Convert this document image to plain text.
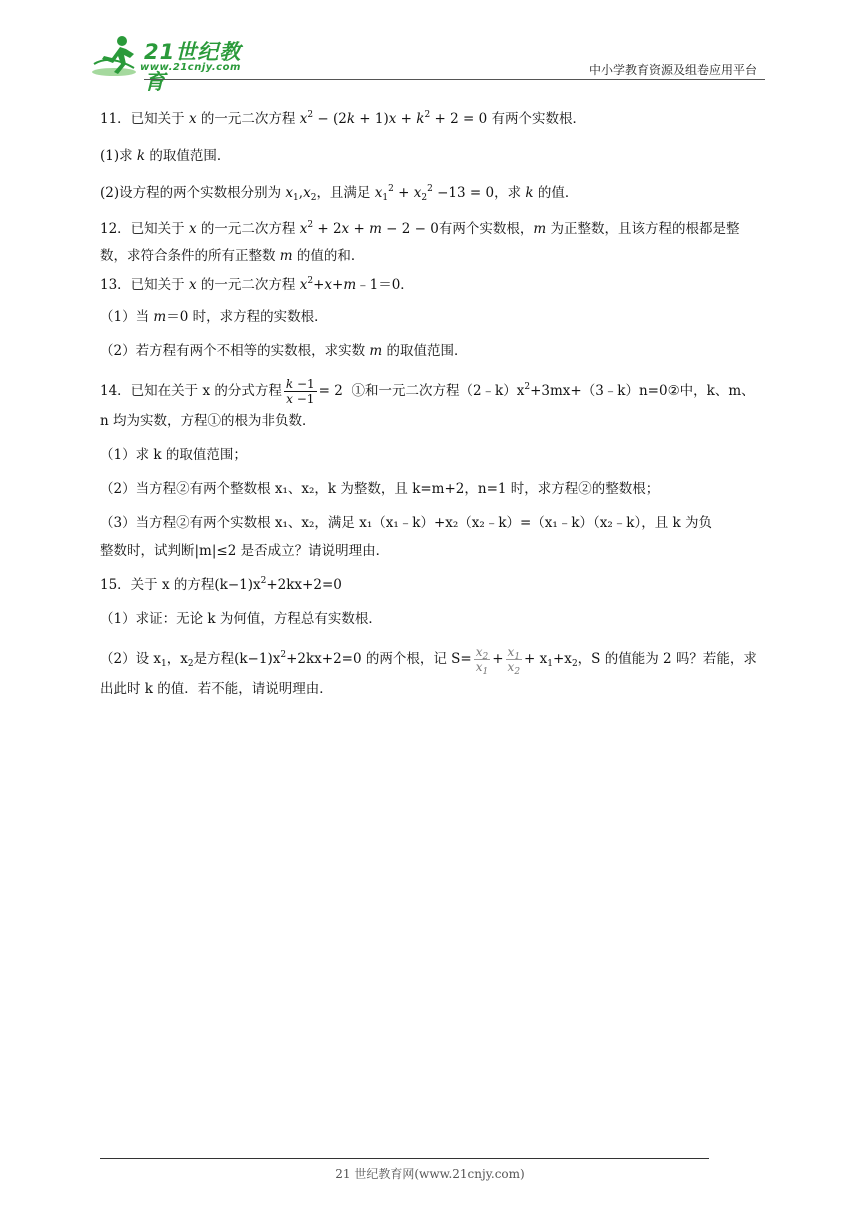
21世纪教育
www.21cnjy.com	中小学教育资源及组卷应用平台

11．已知关于 x 的一元二次方程 $x^2 - (2k + 1)x + k^2 + 2 = 0$ 有两个实数根．

(1)求 k 的取值范围．

(2)设方程的两个实数根分别为 $x_1,x_2$，且满足 $x_1^2 + x_2^2 -13 = 0$，求 k 的值．

12．已知关于 x 的一元二次方程 $x^2 + 2x + m - 2 - 0$有两个实数根，m 为正整数，且该方程的根都是整

数，求符合条件的所有正整数 m 的值的和．

13．已知关于 x 的一元二次方程 $x^2+x+m﹣1=0$．

（1）当 m＝0 时，求方程的实数根．

（2）若方程有两个不相等的实数根，求实数 m 的取值范围．

14．已知在关于 x 的分式方程 $\frac{k -1}{x -1} = 2$  ①和一元二次方程$(2﹣k)x^2+3mx+(3﹣k)n=0②$中，k、m、

n 均为实数，方程①的根为非负数．

（1）求 k 的取值范围；

（2）当方程②有两个整数根 x₁、x₂，k 为整数，且 k=m+2，n=1 时，求方程②的整数根；

（3）当方程②有两个实数根 x₁、x₂，满足 x₁（x₁﹣k）+x₂（x₂﹣k）=（x₁﹣k）（x₂﹣k），且 k 为负

整数时，试判断|m|≤2 是否成立？请说明理由．

15．关于 x 的方程$(k-1)x^2+2kx+2=0$

（1）求证：无论 k 为何值，方程总有实数根．

（2）设 $x_1$，$x_2$是方程$(k-1)x^2+2kx+2=0$ 的两个根，记 $S= \frac{x_2}{x_1} + \frac{x_1}{x_2} + x_1+x_2$，S 的值能为 2 吗？若能，求

出此时 k 的值．若不能，请说明理由．

21 世纪教育网(www.21cnjy.com)
